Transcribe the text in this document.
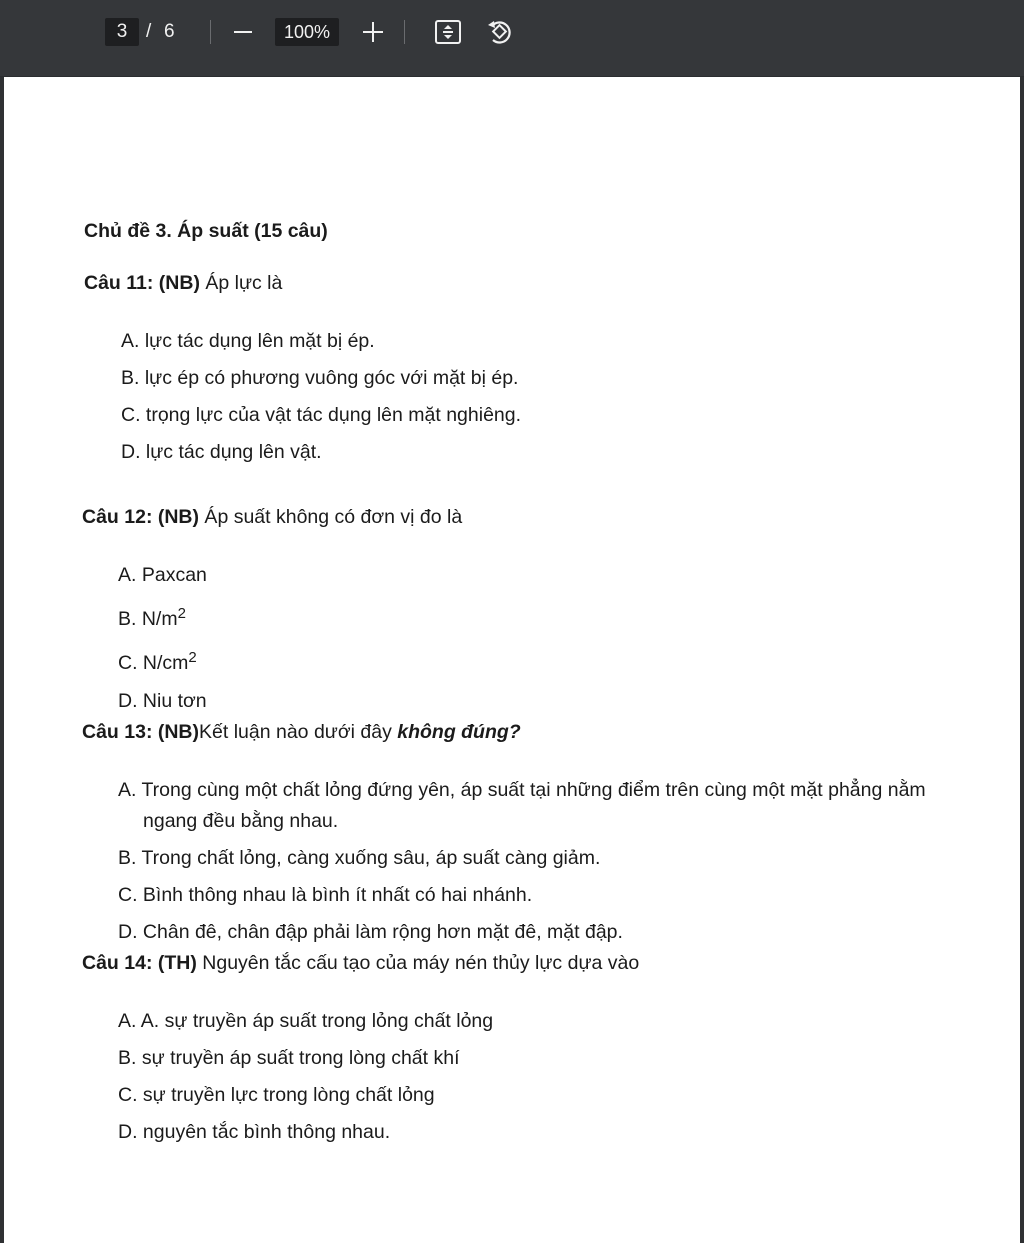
Chủ đề 3. Áp suất (15 câu)
Câu 11: (NB) Áp lực là
A. lực tác dụng lên mặt bị ép.
B. lực ép có phương vuông góc với mặt bị ép.
C. trọng lực của vật tác dụng lên mặt nghiêng.
D. lực tác dụng lên vật.
Câu 12: (NB) Áp suất không có đơn vị đo là
A. Paxcan
B. $N/m^2$
C. $N/cm^2$
D. Niu tơn
Câu 13: (NB)Kết luận nào dưới đây không đúng?
A. Trong cùng một chất lỏng đứng yên, áp suất tại những điểm trên cùng một mặt phẳng nằm
ngang đều bằng nhau.
B. Trong chất lỏng, càng xuống sâu, áp suất càng giảm.
C. Bình thông nhau là bình ít nhất có hai nhánh.
D. Chân đê, chân đập phải làm rộng hơn mặt đê, mặt đập.
Câu 14: (TH) Nguyên tắc cấu tạo của máy nén thủy lực dựa vào
A. A. sự truyền áp suất trong lỏng chất lỏng
B. sự truyền áp suất trong lòng chất khí
C. sự truyền lực trong lòng chất lỏng
D. nguyên tắc bình thông nhau.
3 / 6	100%
